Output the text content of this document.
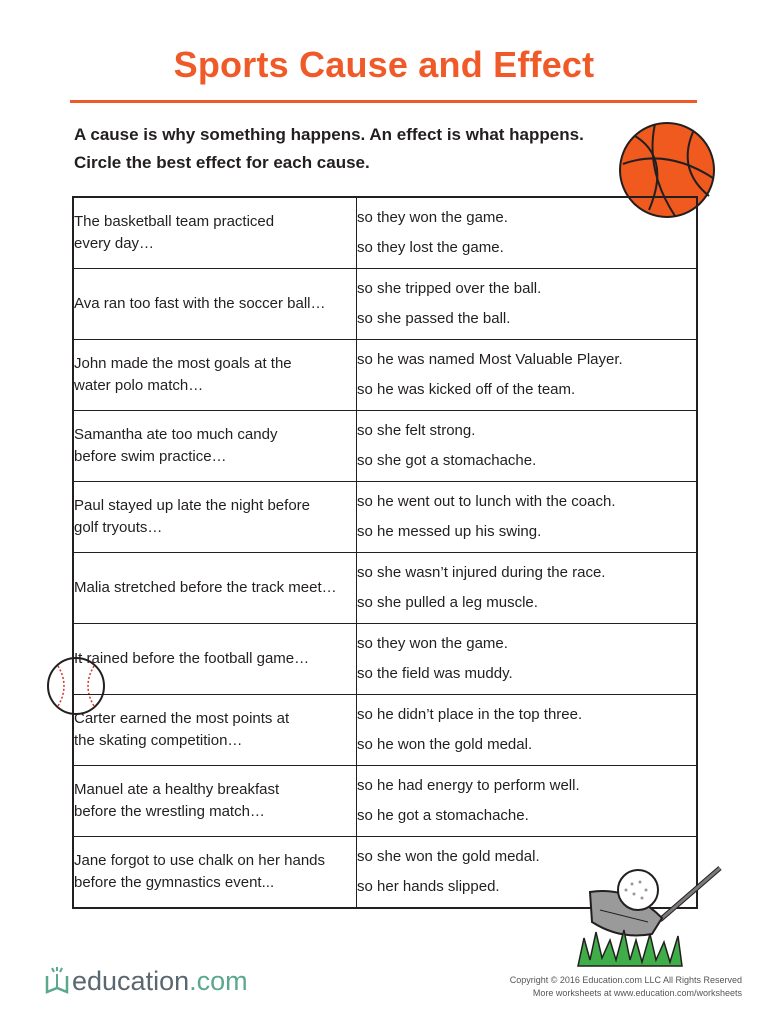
Sports Cause and Effect
A cause is why something happens. An effect is what happens.
Circle the best effect for each cause.
The basketball team practiced
every day…	so they won the game.
so they lost the game.

Ava ran too fast with the soccer ball…	so she tripped over the ball.
so she passed the ball.

John made the most goals at the
water polo match…	so he was named Most Valuable Player.
so he was kicked off of the team.

Samantha ate too much candy
before swim practice…	so she felt strong.
so she got a stomachache.

Paul stayed up late the night before
golf tryouts…	so he went out to lunch with the coach.
so he messed up his swing.

Malia stretched before the track meet…	so she wasn’t injured during the race.
so she pulled a leg muscle.

It rained before the football game…	so they won the game.
so the field was muddy.

Carter earned the most points at
the skating competition…	so he didn’t place in the top three.
so he won the gold medal.

Manuel ate a healthy breakfast
before the wrestling match…	so he had energy to perform well.
so he got a stomachache.

Jane forgot to use chalk on her hands
before the gymnastics event...	so she won the gold medal.
so her hands slipped.
education.com	Copyright © 2016 Education.com LLC All Rights Reserved
More worksheets at www.education.com/worksheets
